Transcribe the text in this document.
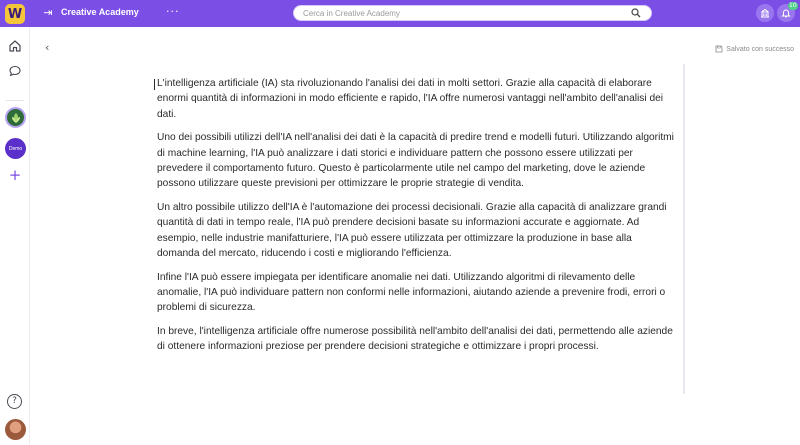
W ⇥ Creative Academy ···
Cerca in Creative Academy	10
Demo
+
?
‹	Salvato con successo

L'intelligenza artificiale (IA) sta rivoluzionando l'analisi dei dati in molti settori. Grazie alla capacità di elaborare enormi quantità di informazioni in modo efficiente e rapido, l'IA offre numerosi vantaggi nell'ambito dell'analisi dei dati.

Uno dei possibili utilizzi dell'IA nell'analisi dei dati è la capacità di predire trend e modelli futuri. Utilizzando algoritmi di machine learning, l'IA può analizzare i dati storici e individuare pattern che possono essere utilizzati per prevedere il comportamento futuro. Questo è particolarmente utile nel campo del marketing, dove le aziende possono utilizzare queste previsioni per ottimizzare le proprie strategie di vendita.

Un altro possibile utilizzo dell'IA è l'automazione dei processi decisionali. Grazie alla capacità di analizzare grandi quantità di dati in tempo reale, l'IA può prendere decisioni basate su informazioni accurate e aggiornate. Ad esempio, nelle industrie manifatturiere, l'IA può essere utilizzata per ottimizzare la produzione in base alla domanda del mercato, riducendo i costi e migliorando l'efficienza.

Infine l'IA può essere impiegata per identificare anomalie nei dati. Utilizzando algoritmi di rilevamento delle anomalie, l'IA può individuare pattern non conformi nelle informazioni, aiutando aziende a prevenire frodi, errori o problemi di sicurezza.

In breve, l'intelligenza artificiale offre numerose possibilità nell'ambito dell'analisi dei dati, permettendo alle aziende di ottenere informazioni preziose per prendere decisioni strategiche e ottimizzare i propri processi.
